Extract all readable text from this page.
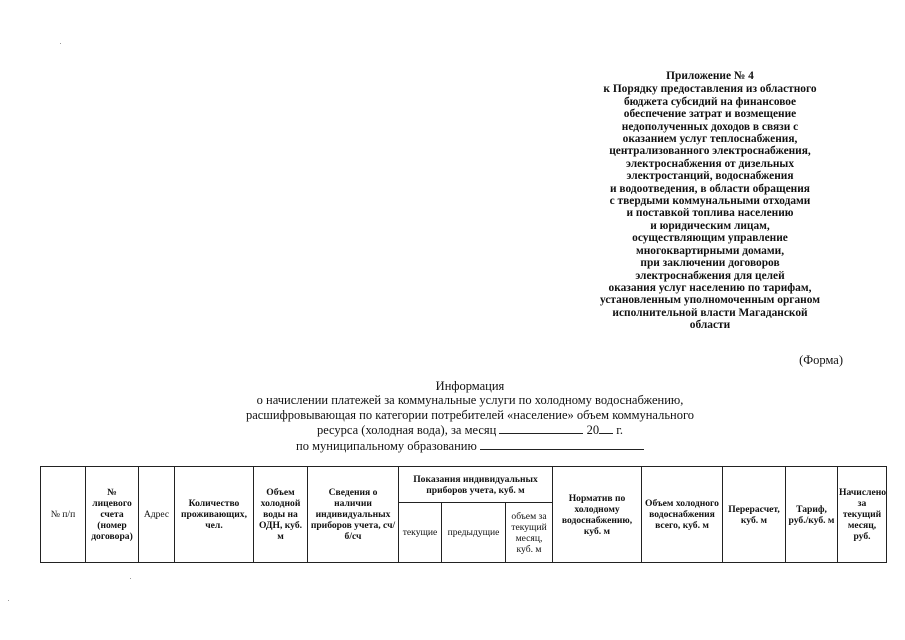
Приложение № 4
к Порядку предоставления из областного
бюджета субсидий на финансовое
обеспечение затрат и возмещение
недополученных доходов в связи с
оказанием услуг теплоснабжения,
централизованного электроснабжения,
электроснабжения от дизельных
электростанций, водоснабжения
и водоотведения, в области обращения
с твердыми коммунальными отходами
и поставкой топлива населению
и юридическим лицам,
осуществляющим управление
многоквартирными домами,
при заключении договоров
электроснабжения для целей
оказания услуг населению по тарифам,
установленным уполномоченным органом
исполнительной власти Магаданской
области
(Форма)
Информация
о начислении платежей за коммунальные услуги по холодному водоснабжению,
расшифровывающая по категории потребителей «население» объем коммунального
ресурса (холодная вода), за месяц	20 г.
по муниципальному образованию
№ п/п	№ лицевого счета (номер договора)	Адрес	Количество проживающих, чел.	Объем холодной воды на ОДН, куб. м	Сведения о наличии индивидуальных приборов учета, сч/б/сч	Показания индивидуальных приборов учета, куб. м			Норматив по холодному водоснабжению, куб. м	Объем холодного водоснабжения всего, куб. м	Перерасчет, куб. м	Тариф, руб./куб. м	Начислено за текущий месяц, руб.
						текущие	предыдущие	объем за текущий месяц, куб. м					
